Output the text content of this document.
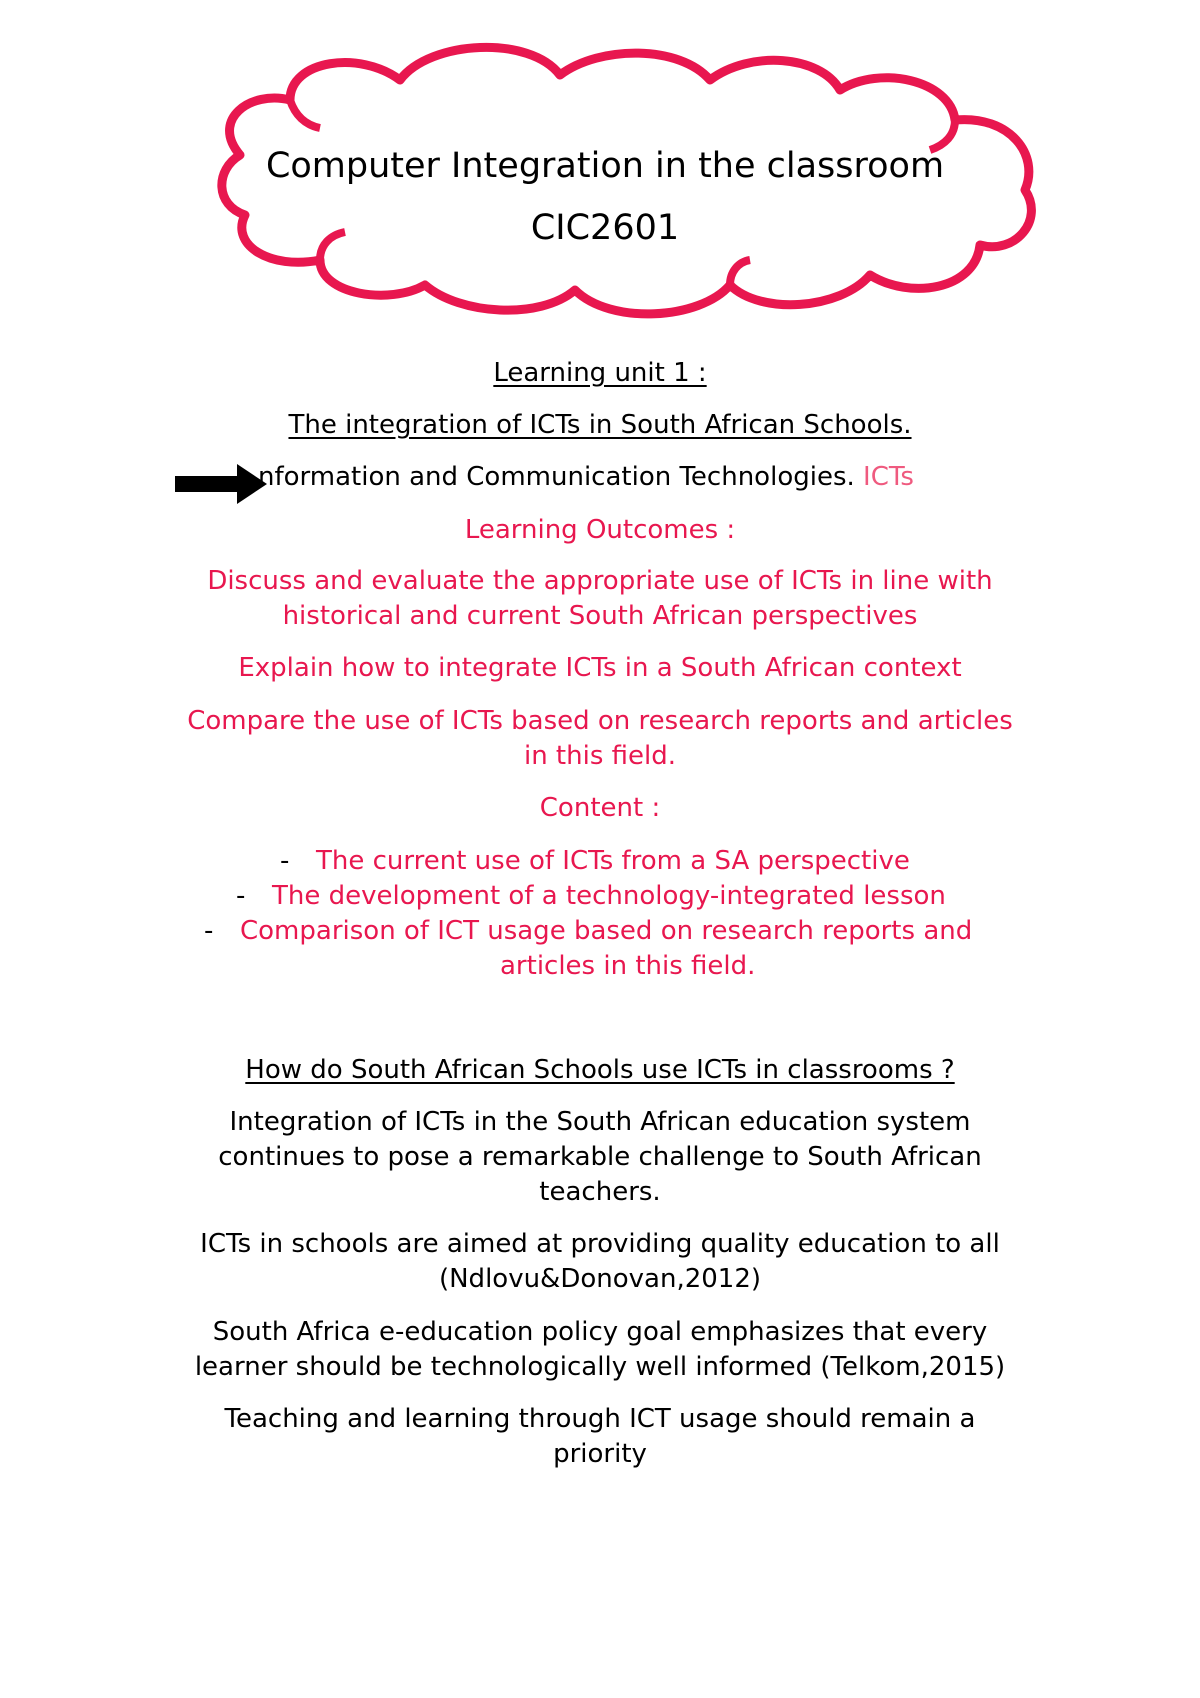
Computer Integration in the classroom
CIC2601
Learning unit 1 :
The integration of ICTs in South African Schools.
nformation and Communication Technologies. ICTs
Learning Outcomes :
Discuss and evaluate the appropriate use of ICTs in line with
historical and current South African perspectives
Explain how to integrate ICTs in a South African context
Compare the use of ICTs based on research reports and articles
in this field.
Content :
- The current use of ICTs from a SA perspective
- The development of a technology-integrated lesson
- Comparison of ICT usage based on research reports and
articles in this field.
How do South African Schools use ICTs in classrooms ?
Integration of ICTs in the South African education system
continues to pose a remarkable challenge to South African
teachers.
ICTs in schools are aimed at providing quality education to all
(Ndlovu&Donovan,2012)
South Africa e-education policy goal emphasizes that every
learner should be technologically well informed (Telkom,2015)
Teaching and learning through ICT usage should remain a
priority
